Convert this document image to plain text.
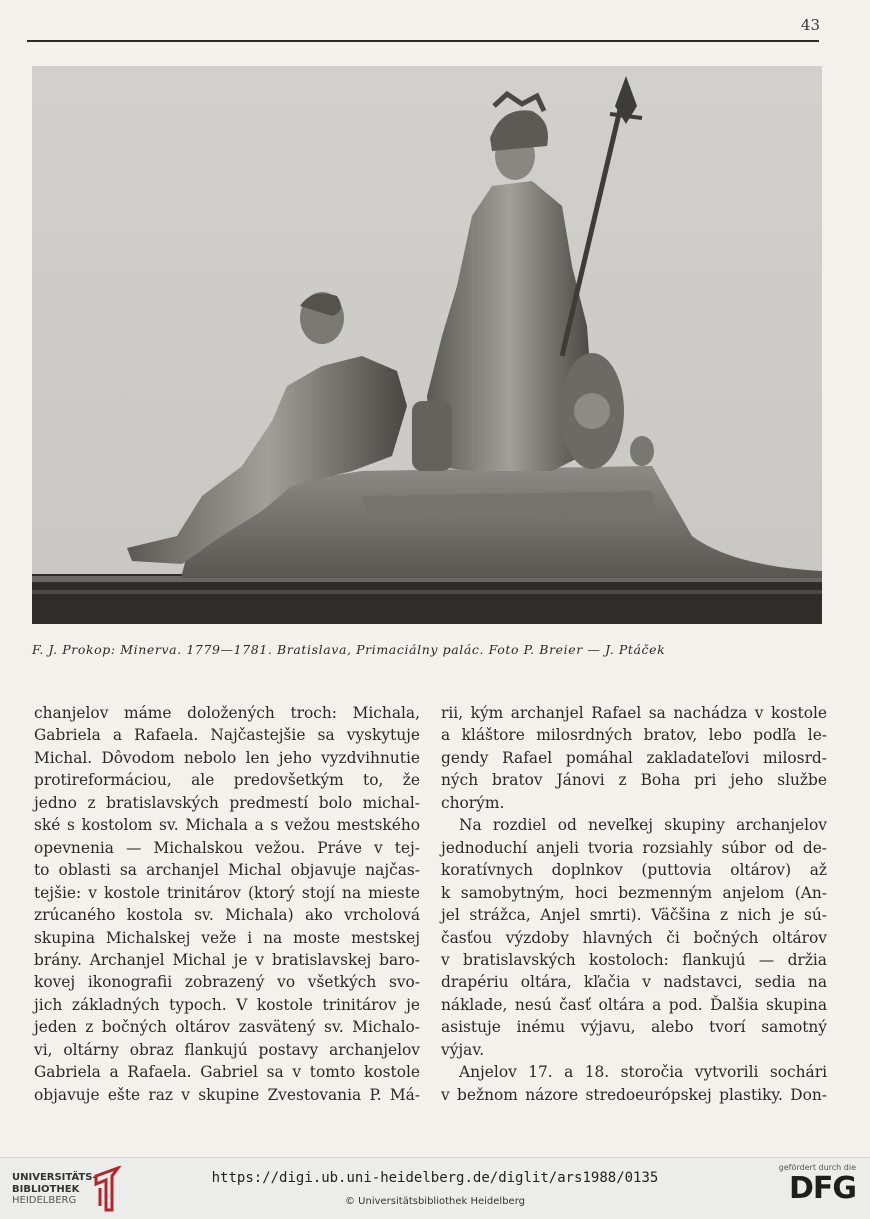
43
F. J. Prokop: Minerva. 1779—1781. Bratislava, Primaciálny palác. Foto P. Breier — J. Ptáček
chanjelov máme doložených troch: Michala,
Gabriela a Rafaela. Najčastejšie sa vyskytuje
Michal. Dôvodom nebolo len jeho vyzdvihnutie
protireformáciou, ale predovšetkým to, že
jedno z bratislavských predmestí bolo michal-
ské s kostolom sv. Michala a s vežou mestského
opevnenia — Michalskou vežou. Práve v tej-
to oblasti sa archanjel Michal objavuje najčas-
tejšie: v kostole trinitárov (ktorý stojí na mieste
zrúcaného kostola sv. Michala) ako vrcholová
skupina Michalskej veže i na moste mestskej
brány. Archanjel Michal je v bratislavskej baro-
kovej ikonografii zobrazený vo všetkých svo-
jich základných typoch. V kostole trinitárov je
jeden z bočných oltárov zasvätený sv. Michalo-
vi, oltárny obraz flankujú postavy archanjelov
Gabriela a Rafaela. Gabriel sa v tomto kostole
objavuje ešte raz v skupine Zvestovania P. Má-
rii, kým archanjel Rafael sa nachádza v kostole
a kláštore milosrdných bratov, lebo podľa le-
gendy Rafael pomáhal zakladateľovi milosrd-
ných bratov Jánovi z Boha pri jeho službe
chorým.
Na rozdiel od neveľkej skupiny archanjelov
jednoduchí anjeli tvoria rozsiahly súbor od de-
koratívnych doplnkov (puttovia oltárov) až
k samobytným, hoci bezmenným anjelom (An-
jel strážca, Anjel smrti). Väčšina z nich je sú-
časťou výzdoby hlavných či bočných oltárov
v bratislavských kostoloch: flankujú — držia
drapériu oltára, kľačia v nadstavci, sedia na
náklade, nesú časť oltára a pod. Ďalšia skupina
asistuje inému výjavu, alebo tvorí samotný
výjav.
Anjelov 17. a 18. storočia vytvorili sochári
v bežnom názore stredoeurópskej plastiky. Don-
UNIVERSITÄTS-
BIBLIOTHEK
HEIDELBERG
https://digi.ub.uni-heidelberg.de/diglit/ars1988/0135
© Universitätsbibliothek Heidelberg
gefördert durch die
DFG
